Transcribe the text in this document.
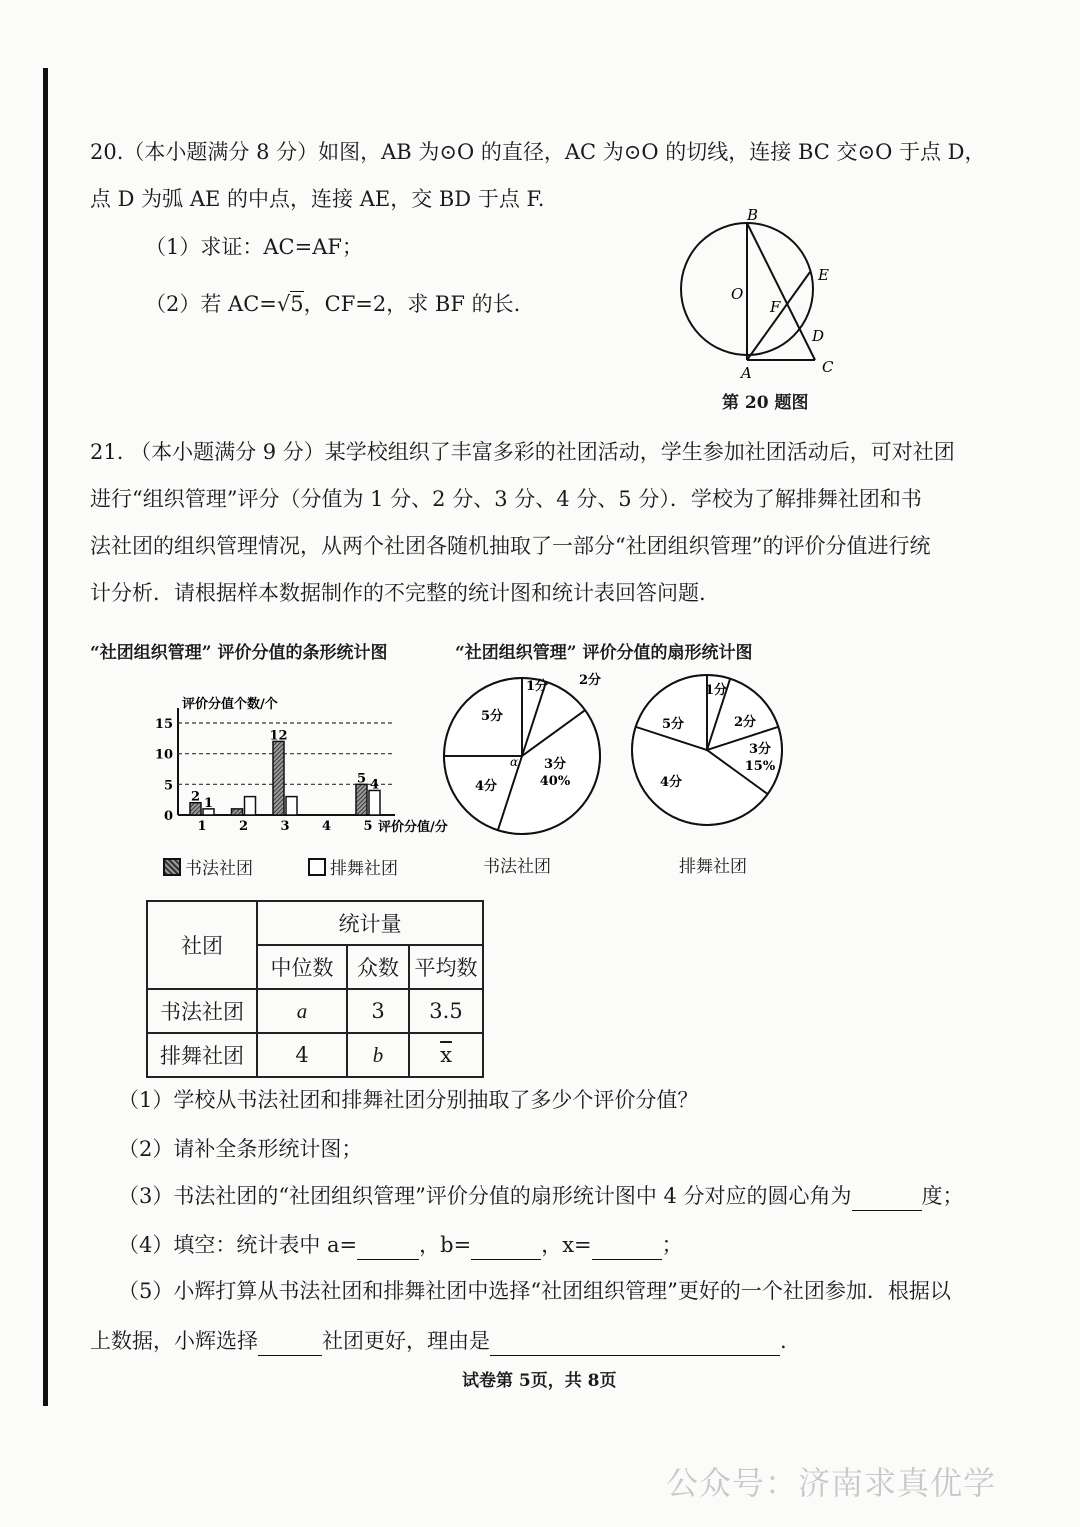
20.（本小题满分 8 分）如图，AB 为⊙O 的直径，AC 为⊙O 的切线，连接 BC 交⊙O 于点 D，
点 D 为弧 AE 的中点，连接 AE，交 BD 于点 F.
（1）求证：AC=AF；
（2）若 AC=√5，CF=2，求 BF 的长.
B
E
O
F
D
A	C
第 20 题图
21. （本小题满分 9 分）某学校组织了丰富多彩的社团活动，学生参加社团活动后，可对社团
进行“组织管理”评分（分值为 1 分、2 分、3 分、4 分、5 分）．学校为了解排舞社团和书
法社团的组织管理情况，从两个社团各随机抽取了一部分“社团组织管理”的评价分值进行统
计分析．请根据样本数据制作的不完整的统计图和统计表回答问题.
“社团组织管理” 评价分值的条形统计图	“社团组织管理” 评价分值的扇形统计图
评价分值个数/个
评价分值/分
0
5
10
15
1
2 1
2 3
12
4 5
5 4
书法社团	排舞社团
1分 2分
3分
40%
4分
5分
α
1分
2分
3分
15%
4分
5分
书法社团	排舞社团
社团	统计量		
	中位数	众数	平均数
书法社团	a	3	3.5
排舞社团	4	b	$\overline{x}$
（1）学校从书法社团和排舞社团分别抽取了多少个评价分值？
（2）请补全条形统计图；
（3）书法社团的“社团组织管理”评价分值的扇形统计图中 4 分对应的圆心角为	度；
（4）填空：统计表中 a=	，b=	，x=	；
（5）小辉打算从书法社团和排舞社团中选择“社团组织管理”更好的一个社团参加．根据以
上数据，小辉选择	社团更好，理由是	.
试卷第 5页，共 8页
公众号：济南求真优学
